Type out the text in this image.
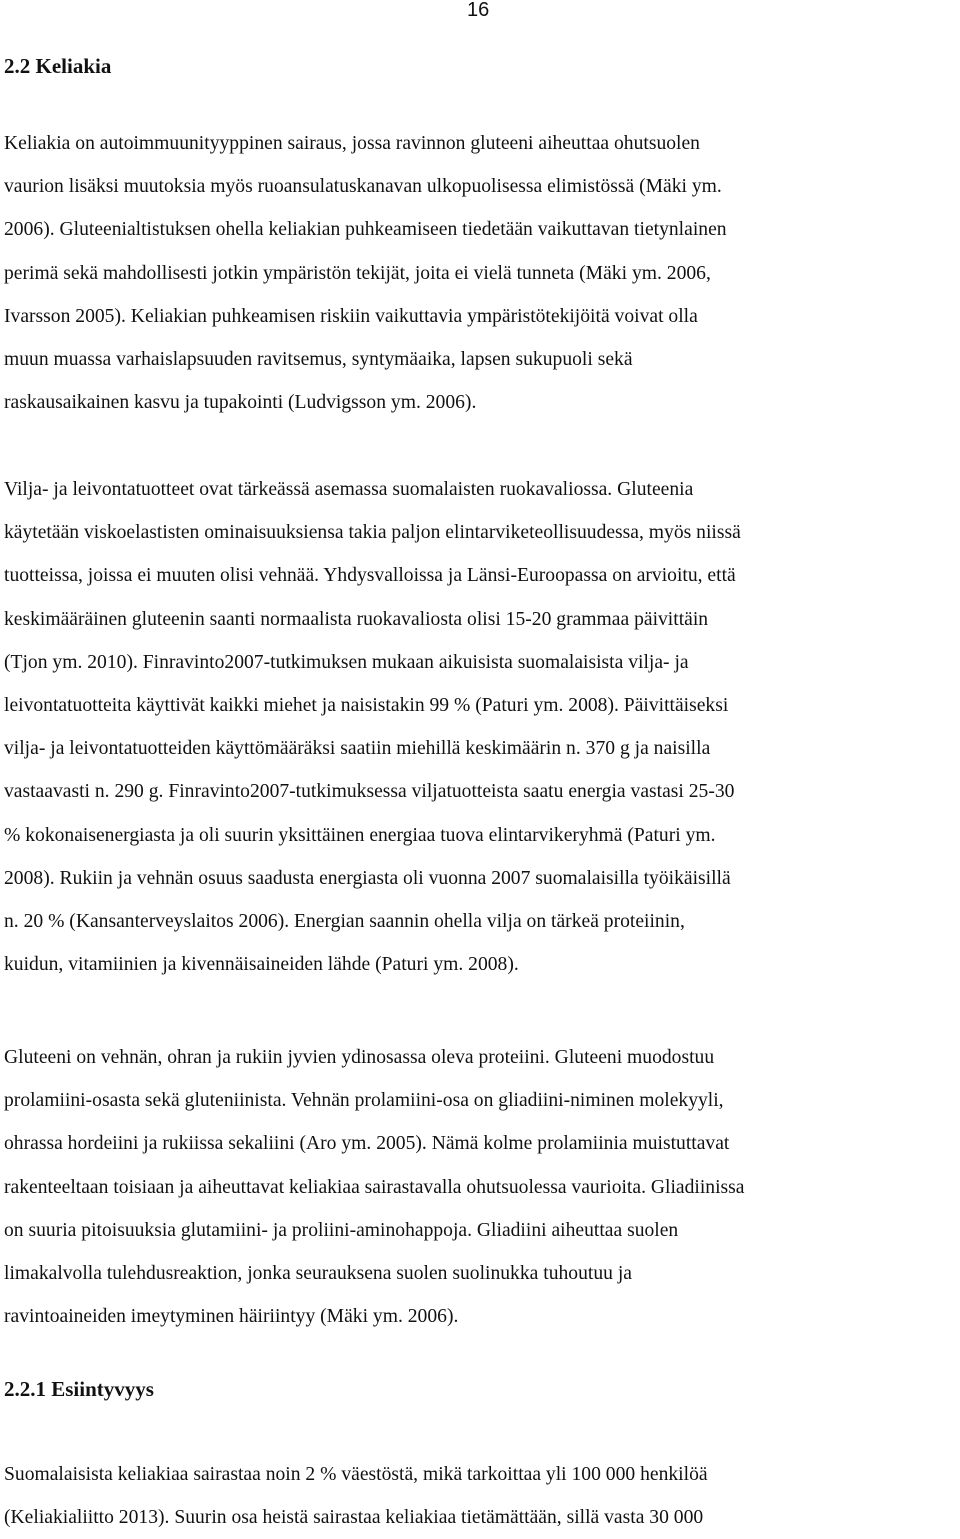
16
2.2 Keliakia
Keliakia on autoimmuunityyppinen sairaus, jossa ravinnon gluteeni aiheuttaa ohutsuolen
vaurion lisäksi muutoksia myös ruoansulatuskanavan ulkopuolisessa elimistössä (Mäki ym.
2006). Gluteenialtistuksen ohella keliakian puhkeamiseen tiedetään vaikuttavan tietynlainen
perimä sekä mahdollisesti jotkin ympäristön tekijät, joita ei vielä tunneta (Mäki ym. 2006,
Ivarsson 2005). Keliakian puhkeamisen riskiin vaikuttavia ympäristötekijöitä voivat olla
muun muassa varhaislapsuuden ravitsemus, syntymäaika, lapsen sukupuoli sekä
raskausaikainen kasvu ja tupakointi (Ludvigsson ym. 2006).
Vilja- ja leivontatuotteet ovat tärkeässä asemassa suomalaisten ruokavaliossa. Gluteenia
käytetään viskoelastisten ominaisuuksiensa takia paljon elintarviketeollisuudessa, myös niissä
tuotteissa, joissa ei muuten olisi vehnää. Yhdysvalloissa ja Länsi-Euroopassa on arvioitu, että
keskimääräinen gluteenin saanti normaalista ruokavaliosta olisi 15-20 grammaa päivittäin
(Tjon ym. 2010). Finravinto2007-tutkimuksen mukaan aikuisista suomalaisista vilja- ja
leivontatuotteita käyttivät kaikki miehet ja naisistakin 99 % (Paturi ym. 2008). Päivittäiseksi
vilja- ja leivontatuotteiden käyttömääräksi saatiin miehillä keskimäärin n. 370 g ja naisilla
vastaavasti n. 290 g. Finravinto2007-tutkimuksessa viljatuotteista saatu energia vastasi 25-30
% kokonaisenergiasta ja oli suurin yksittäinen energiaa tuova elintarvikeryhmä (Paturi ym.
2008). Rukiin ja vehnän osuus saadusta energiasta oli vuonna 2007 suomalaisilla työikäisillä
n. 20 % (Kansanterveyslaitos 2006). Energian saannin ohella vilja on tärkeä proteiinin,
kuidun, vitamiinien ja kivennäisaineiden lähde (Paturi ym. 2008).
Gluteeni on vehnän, ohran ja rukiin jyvien ydinosassa oleva proteiini. Gluteeni muodostuu
prolamiini-osasta sekä gluteniinista. Vehnän prolamiini-osa on gliadiini-niminen molekyyli,
ohrassa hordeiini ja rukiissa sekaliini (Aro ym. 2005). Nämä kolme prolamiinia muistuttavat
rakenteeltaan toisiaan ja aiheuttavat keliakiaa sairastavalla ohutsuolessa vaurioita. Gliadiinissa
on suuria pitoisuuksia glutamiini- ja proliini-aminohappoja. Gliadiini aiheuttaa suolen
limakalvolla tulehdusreaktion, jonka seurauksena suolen suolinukka tuhoutuu ja
ravintoaineiden imeytyminen häiriintyy (Mäki ym. 2006).
2.2.1 Esiintyvyys
Suomalaisista keliakiaa sairastaa noin 2 % väestöstä, mikä tarkoittaa yli 100 000 henkilöä
(Keliakialiitto 2013). Suurin osa heistä sairastaa keliakiaa tietämättään, sillä vasta 30 000
